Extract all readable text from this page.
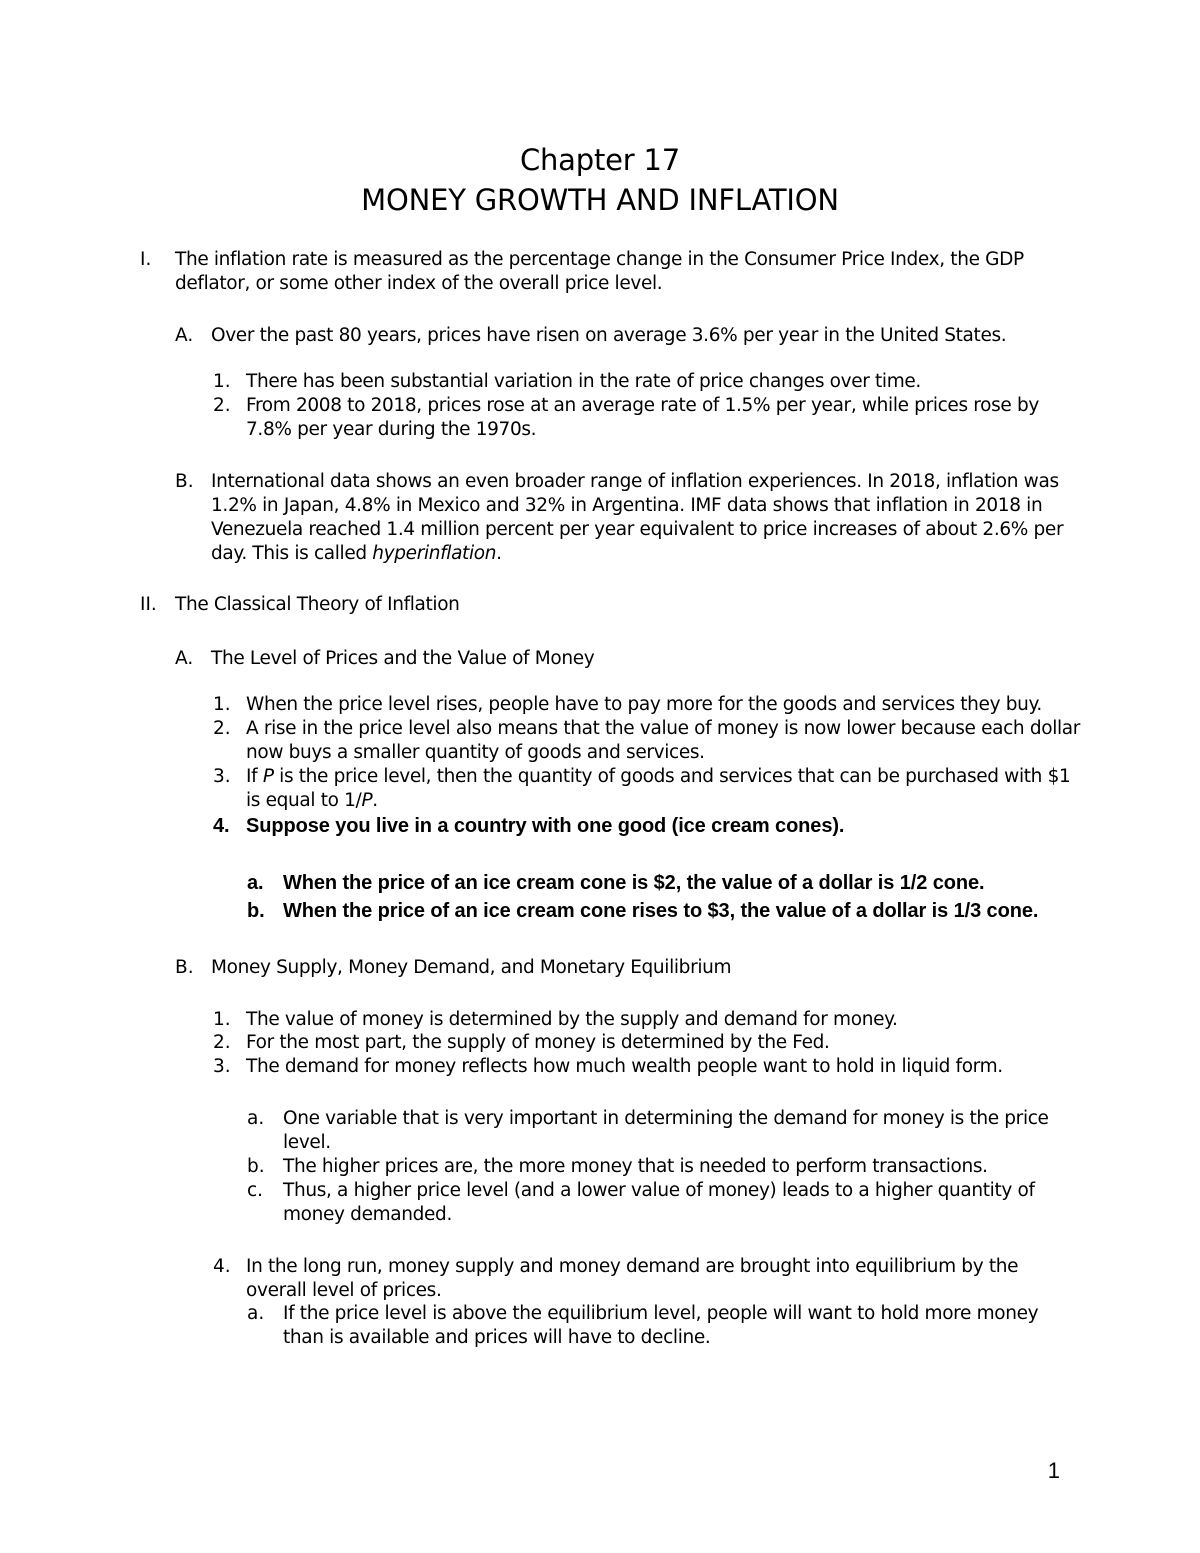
Chapter 17
MONEY GROWTH AND INFLATION
I. The inflation rate is measured as the percentage change in the Consumer Price Index, the GDP
deflator, or some other index of the overall price level.
A. Over the past 80 years, prices have risen on average 3.6% per year in the United States.
1. There has been substantial variation in the rate of price changes over time.
2. From 2008 to 2018, prices rose at an average rate of 1.5% per year, while prices rose by
7.8% per year during the 1970s.
B. International data shows an even broader range of inflation experiences. In 2018, inflation was
1.2% in Japan, 4.8% in Mexico and 32% in Argentina. IMF data shows that inflation in 2018 in
Venezuela reached 1.4 million percent per year equivalent to price increases of about 2.6% per
day. This is called hyperinflation.
II. The Classical Theory of Inflation
A. The Level of Prices and the Value of Money
1. When the price level rises, people have to pay more for the goods and services they buy.
2. A rise in the price level also means that the value of money is now lower because each dollar
now buys a smaller quantity of goods and services.
3. If P is the price level, then the quantity of goods and services that can be purchased with $1
is equal to 1/P.
4. Suppose you live in a country with one good (ice cream cones).
a. When the price of an ice cream cone is $2, the value of a dollar is 1/2 cone.
b. When the price of an ice cream cone rises to $3, the value of a dollar is 1/3 cone.
B. Money Supply, Money Demand, and Monetary Equilibrium
1. The value of money is determined by the supply and demand for money.
2. For the most part, the supply of money is determined by the Fed.
3. The demand for money reflects how much wealth people want to hold in liquid form.
a. One variable that is very important in determining the demand for money is the price
level.
b. The higher prices are, the more money that is needed to perform transactions.
c. Thus, a higher price level (and a lower value of money) leads to a higher quantity of
money demanded.
4. In the long run, money supply and money demand are brought into equilibrium by the
overall level of prices.
a. If the price level is above the equilibrium level, people will want to hold more money
than is available and prices will have to decline.
1
